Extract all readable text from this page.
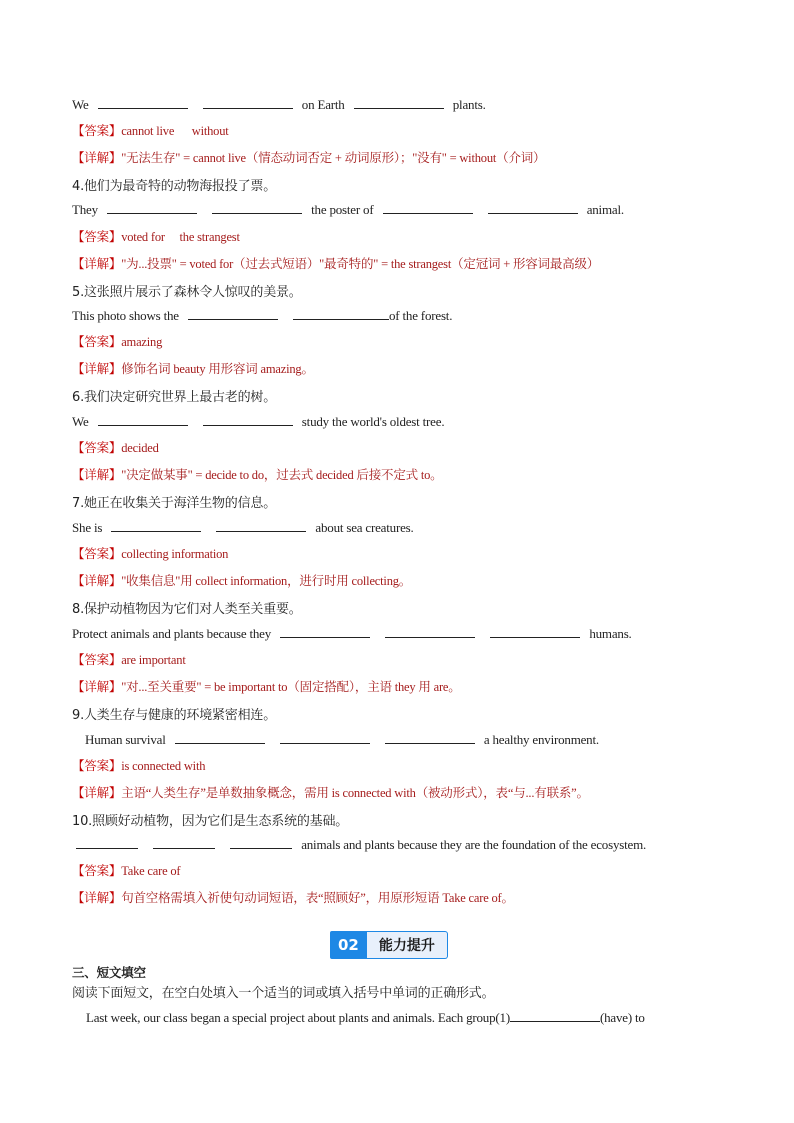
We	on Earth	plants.
【答案】cannot live      without
【详解】"无法生存" = cannot live（情态动词否定 + 动词原形）；"没有" = without（介词）
4.他们为最奇特的动物海报投了票。
They	the poster of	animal.
【答案】voted for     the strangest
【详解】"为...投票" = voted for（过去式短语）"最奇特的" = the strangest（定冠词 + 形容词最高级）
5.这张照片展示了森林令人惊叹的美景。
This photo shows the	of the forest.
【答案】amazing
【详解】修饰名词 beauty 用形容词 amazing。
6.我们决定研究世界上最古老的树。
We	study the world's oldest tree.
【答案】decided
【详解】"决定做某事" = decide to do，过去式 decided 后接不定式 to。
7.她正在收集关于海洋生物的信息。
She is	about sea creatures.
【答案】collecting information
【详解】"收集信息"用 collect information，进行时用 collecting。
8.保护动植物因为它们对人类至关重要。
Protect animals and plants because they	humans.
【答案】are important
【详解】"对...至关重要" = be important to（固定搭配），主语 they 用 are。
9.人类生存与健康的环境紧密相连。
Human survival	a healthy environment.
【答案】is connected with
【详解】主语“人类生存”是单数抽象概念，需用 is connected with（被动形式），表“与...有联系”。
10.照顾好动植物，因为它们是生态系统的基础。
animals and plants because they are the foundation of the ecosystem.
【答案】Take care of
【详解】句首空格需填入祈使句动词短语，表“照顾好”，用原形短语 Take care of。
02	能力提升
三、短文填空
阅读下面短文，在空白处填入一个适当的词或填入括号中单词的正确形式。
Last week, our class began a special project about plants and animals. Each group(1)	(have) to
